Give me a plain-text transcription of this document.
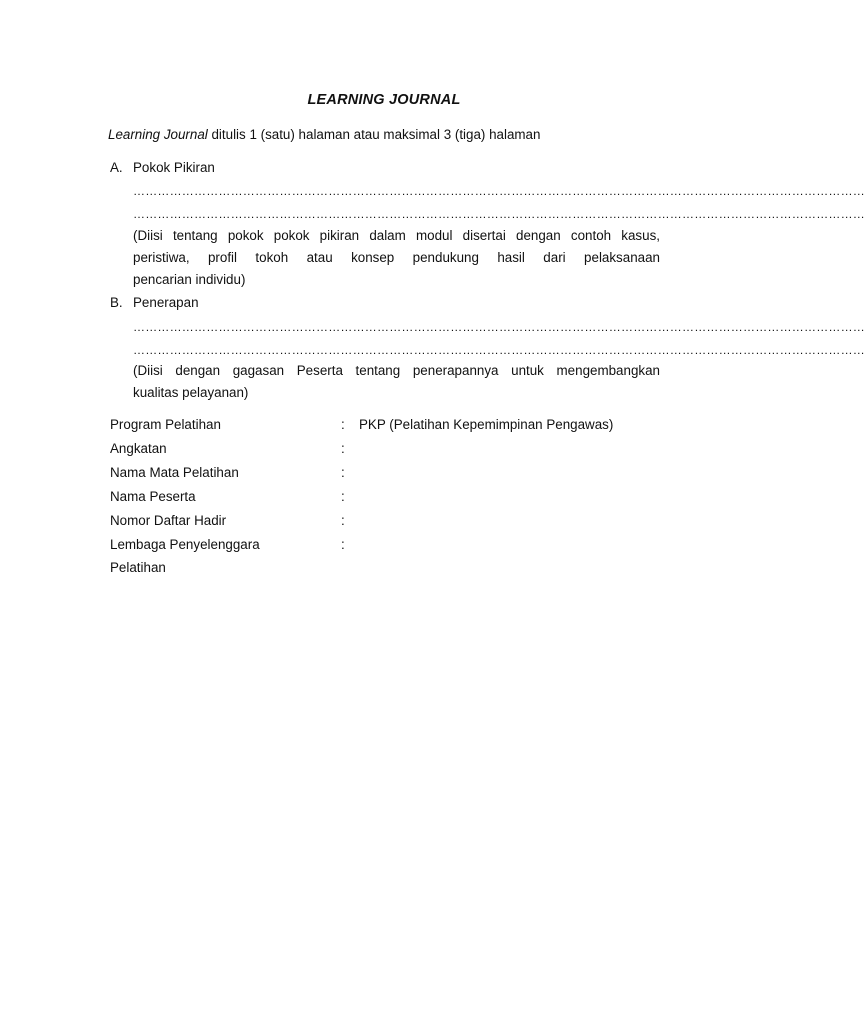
LEARNING JOURNAL
Learning Journal ditulis 1 (satu) halaman atau maksimal 3 (tiga) halaman
A. Pokok Pikiran
………………………………………………………………………………………………………………………………………………………………
………………………………………………………………………………………………………………………………………………………………
(Diisi tentang pokok pokok pikiran dalam modul disertai dengan contoh kasus,
peristiwa, profil tokoh atau konsep pendukung hasil dari pelaksanaan
pencarian individu)
B. Penerapan
………………………………………………………………………………………………………………………………………………………………
………………………………………………………………………………………………………………………………………………………………
(Diisi dengan gagasan Peserta tentang penerapannya untuk mengembangkan
kualitas pelayanan)
Program Pelatihan	: PKP (Pelatihan Kepemimpinan Pengawas)
Angkatan	:
Nama Mata Pelatihan	:
Nama Peserta	:
Nomor Daftar Hadir	:
Lembaga Penyelenggara	:
Pelatihan
